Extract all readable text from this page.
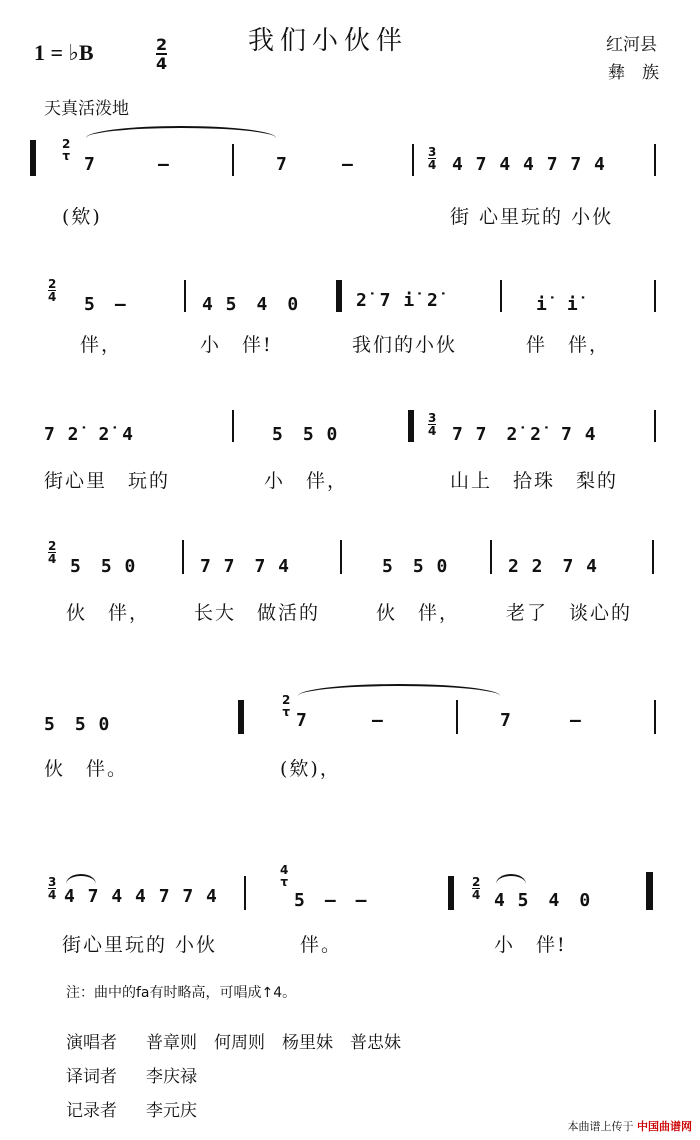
我们小伙伴
1 = ♭B	2
4
红河县
彝　族
天真活泼地
2
τ 7	–	7	–
3
4 4 7 4 4 7 7 4
(欸)	街 心里玩的 小伙
2
4 5　–	4 5　4　0	2̇ 7 i̇ 2̇	i̇　i̇
伴，	小　伴!	我们的小伙	伴　伴，
7 2̇　2̇ 4	5　5 0
3
4 7 7　2̇ 2̇　7 4
街心里　玩的	小　伴，	山上　拾珠　梨的
2
4 5　5 0	7 7　7 4	5　5 0	2 2　7 4
伙　伴， 长大　做活的	伙　伴， 老了　谈心的
5　5 0
2
τ 7	–	7	–
伙　伴。	(欸)，
3
4 4 7 4 4 7 7 4
4
τ
5　–　–
2
4 4 5　4　0
街心里玩的 小伙	伴。	小　伴!
注：曲中的fa有时略高，可唱成↑4。
演唱者 普章则　何周则　杨里妹　普忠妹
译词者 李庆禄
记录者 李元庆
本曲谱上传于 中国曲谱网
